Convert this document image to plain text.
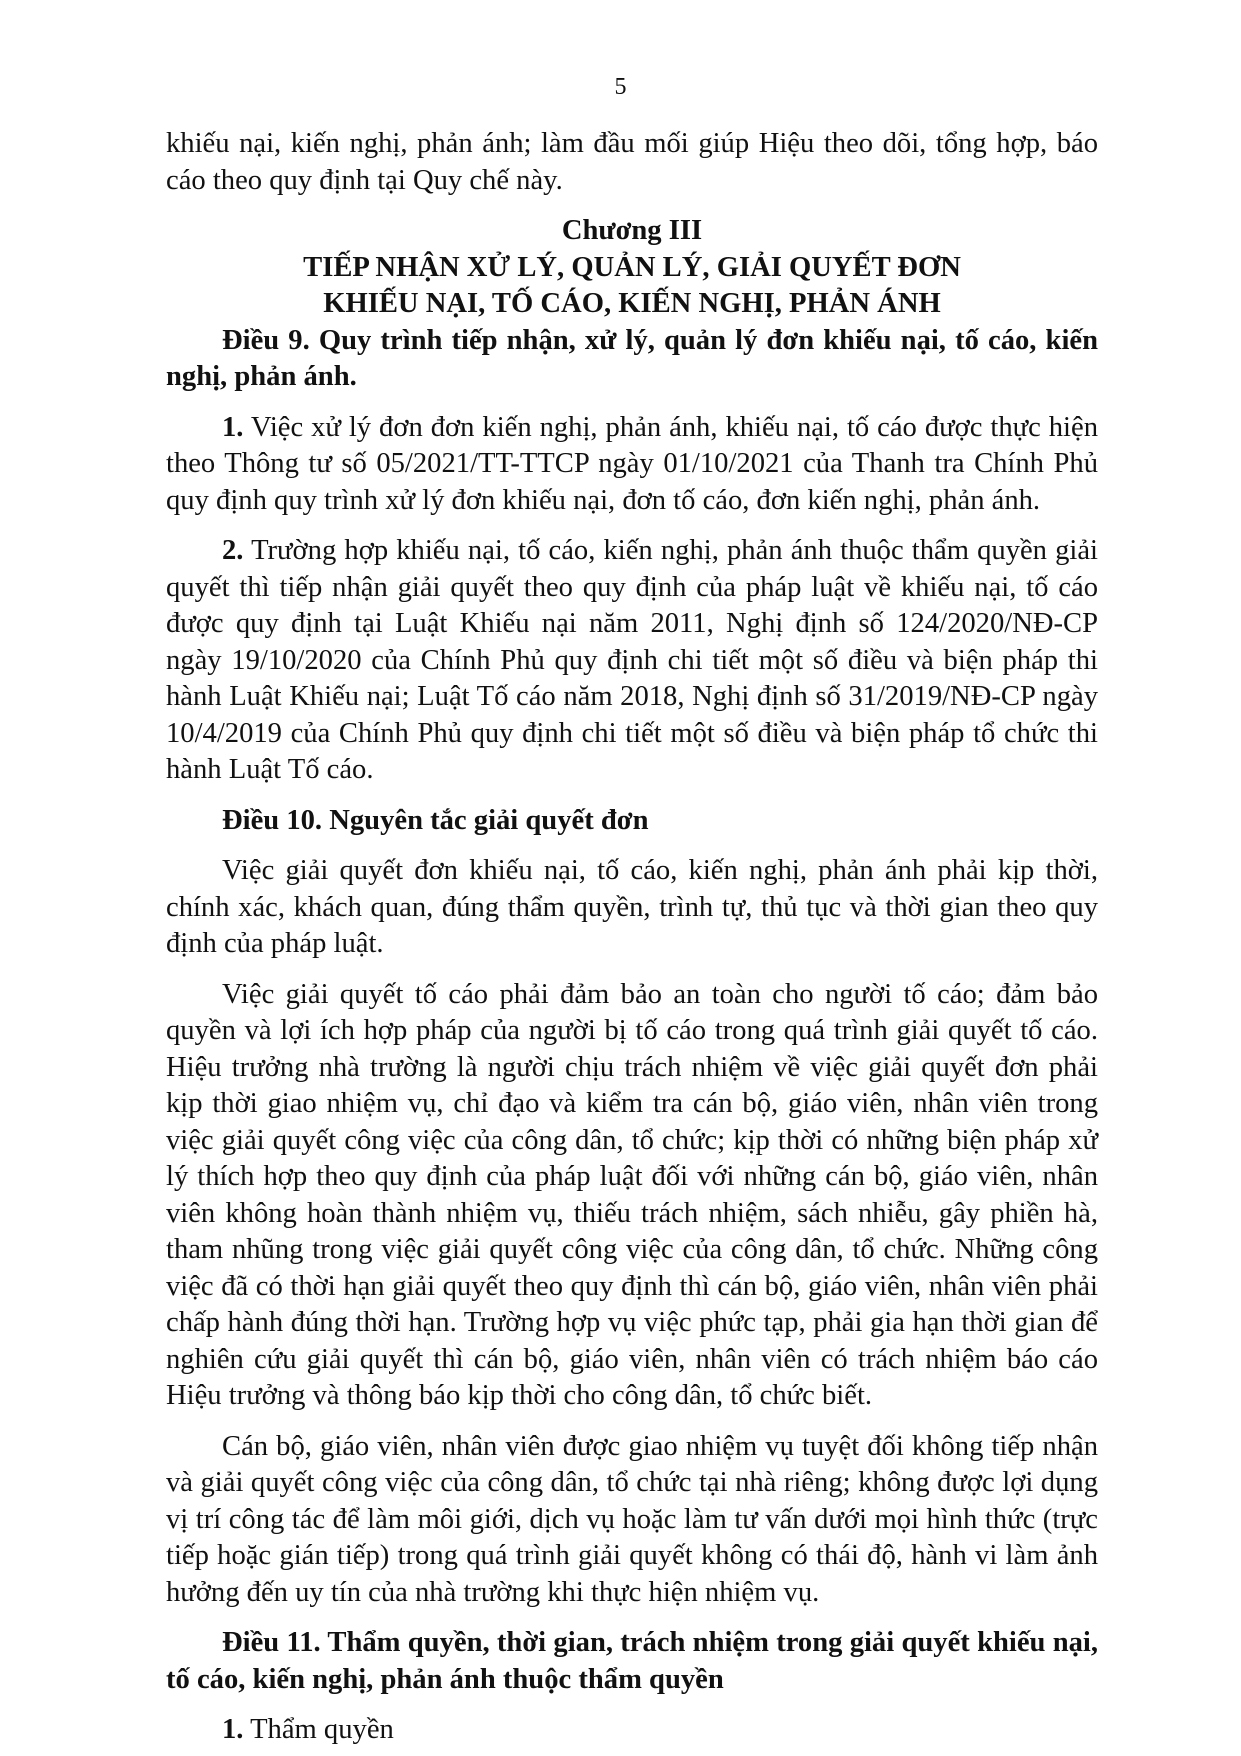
5

khiếu nại, kiến nghị, phản ánh; làm đầu mối giúp Hiệu theo dõi, tổng hợp, báo cáo theo quy định tại Quy chế này.

Chương III
TIẾP NHẬN XỬ LÝ, QUẢN LÝ, GIẢI QUYẾT ĐƠN
KHIẾU NẠI, TỐ CÁO, KIẾN NGHỊ, PHẢN ÁNH

Điều 9. Quy trình tiếp nhận, xử lý, quản lý đơn khiếu nại, tố cáo, kiến nghị, phản ánh.

1. Việc xử lý đơn đơn kiến nghị, phản ánh, khiếu nại, tố cáo được thực hiện theo Thông tư số 05/2021/TT-TTCP ngày 01/10/2021 của Thanh tra Chính Phủ quy định quy trình xử lý đơn khiếu nại, đơn tố cáo, đơn kiến nghị, phản ánh.

2. Trường hợp khiếu nại, tố cáo, kiến nghị, phản ánh thuộc thẩm quyền giải quyết thì tiếp nhận giải quyết theo quy định của pháp luật về khiếu nại, tố cáo được quy định tại Luật Khiếu nại năm 2011, Nghị định số 124/2020/NĐ-CP ngày 19/10/2020 của Chính Phủ quy định chi tiết một số điều và biện pháp thi hành Luật Khiếu nại; Luật Tố cáo năm 2018, Nghị định số 31/2019/NĐ-CP ngày 10/4/2019 của Chính Phủ quy định chi tiết một số điều và biện pháp tổ chức thi hành Luật Tố cáo.

Điều 10. Nguyên tắc giải quyết đơn

Việc giải quyết đơn khiếu nại, tố cáo, kiến nghị, phản ánh phải kịp thời, chính xác, khách quan, đúng thẩm quyền, trình tự, thủ tục và thời gian theo quy định của pháp luật.

Việc giải quyết tố cáo phải đảm bảo an toàn cho người tố cáo; đảm bảo quyền và lợi ích hợp pháp của người bị tố cáo trong quá trình giải quyết tố cáo. Hiệu trưởng nhà trường là người chịu trách nhiệm về việc giải quyết đơn phải kịp thời giao nhiệm vụ, chỉ đạo và kiểm tra cán bộ, giáo viên, nhân viên trong việc giải quyết công việc của công dân, tổ chức; kịp thời có những biện pháp xử lý thích hợp theo quy định của pháp luật đối với những cán bộ, giáo viên, nhân viên không hoàn thành nhiệm vụ, thiếu trách nhiệm, sách nhiễu, gây phiền hà, tham nhũng trong việc giải quyết công việc của công dân, tổ chức. Những công việc đã có thời hạn giải quyết theo quy định thì cán bộ, giáo viên, nhân viên phải chấp hành đúng thời hạn. Trường hợp vụ việc phức tạp, phải gia hạn thời gian để nghiên cứu giải quyết thì cán bộ, giáo viên, nhân viên có trách nhiệm báo cáo Hiệu trưởng và thông báo kịp thời cho công dân, tổ chức biết.

Cán bộ, giáo viên, nhân viên được giao nhiệm vụ tuyệt đối không tiếp nhận và giải quyết công việc của công dân, tổ chức tại nhà riêng; không được lợi dụng vị trí công tác để làm môi giới, dịch vụ hoặc làm tư vấn dưới mọi hình thức (trực tiếp hoặc gián tiếp) trong quá trình giải quyết không có thái độ, hành vi làm ảnh hưởng đến uy tín của nhà trường khi thực hiện nhiệm vụ.

Điều 11. Thẩm quyền, thời gian, trách nhiệm trong giải quyết khiếu nại, tố cáo, kiến nghị, phản ánh thuộc thẩm quyền

1. Thẩm quyền
